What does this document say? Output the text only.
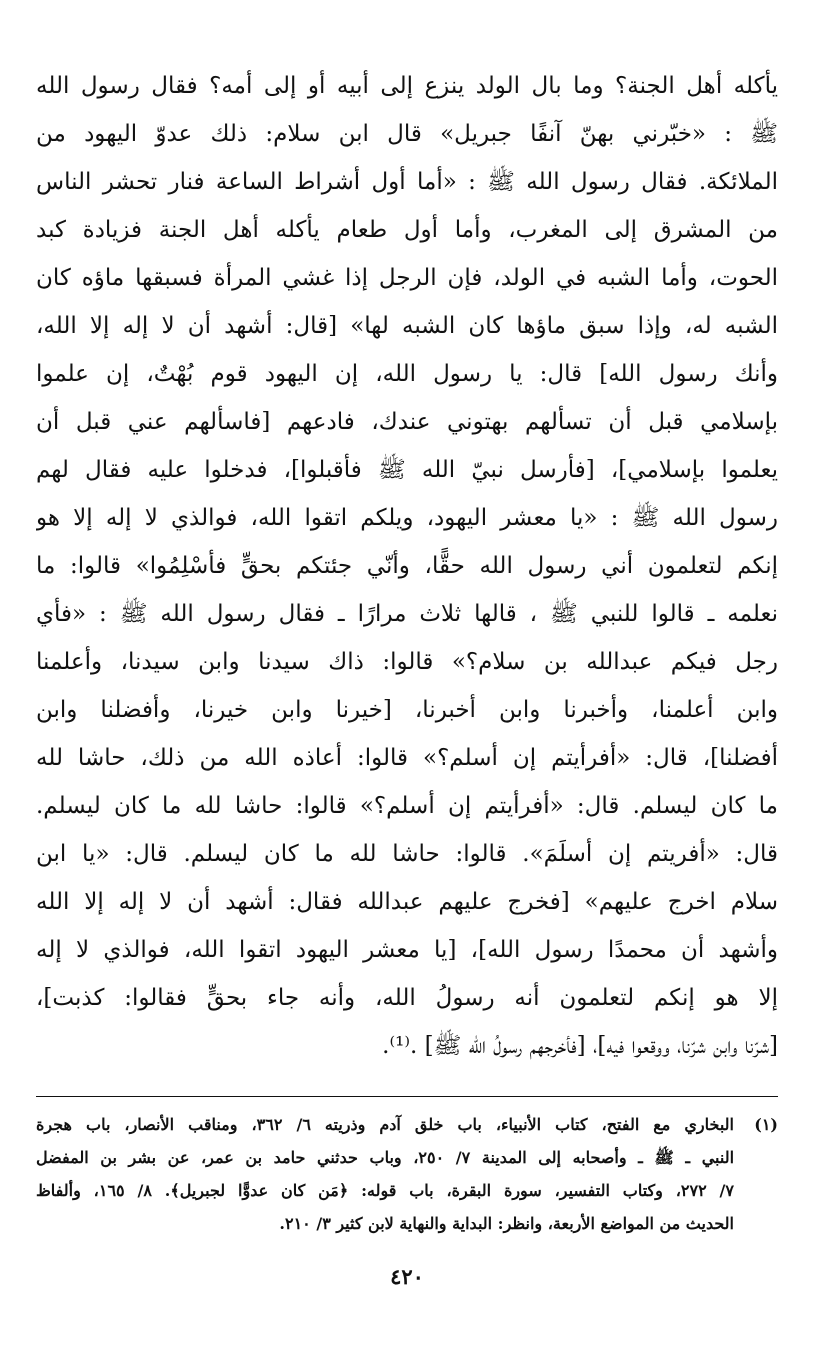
يأكله أهل الجنة؟ وما بال الولد ينزع إلى أبيه أو إلى أمه؟ فقال رسول الله
ﷺ : «خبّرني بهنّ آنفًا جبريل» قال ابن سلام: ذلك عدوّ اليهود من
الملائكة. فقال رسول الله ﷺ : «أما أول أشراط الساعة فنار تحشر الناس
من المشرق إلى المغرب، وأما أول طعام يأكله أهل الجنة فزيادة كبد
الحوت، وأما الشبه في الولد، فإن الرجل إذا غشي المرأة فسبقها ماؤه كان
الشبه له، وإذا سبق ماؤها كان الشبه لها» [قال: أشهد أن لا إله إلا الله،
وأنك رسول الله] قال: يا رسول الله، إن اليهود قوم بُهْتٌ، إن علموا
بإسلامي قبل أن تسألهم بهتوني عندك، فادعهم [فاسألهم عني قبل أن
يعلموا بإسلامي]، [فأرسل نبيّ الله ﷺ فأقبلوا]، فدخلوا عليه فقال لهم
رسول الله ﷺ : «يا معشر اليهود، ويلكم اتقوا الله، فوالذي لا إله إلا هو
إنكم لتعلمون أني رسول الله حقًّا، وأنّي جئتكم بحقٍّ فأسْلِمُوا» قالوا: ما
نعلمه ـ قالوا للنبي ﷺ ، قالها ثلاث مرارًا ـ فقال رسول الله ﷺ : «فأي
رجل فيكم عبدالله بن سلام؟» قالوا: ذاك سيدنا وابن سيدنا، وأعلمنا
وابن أعلمنا، وأخبرنا وابن أخبرنا، [خيرنا وابن خيرنا، وأفضلنا وابن
أفضلنا]، قال: «أفرأيتم إن أسلم؟» قالوا: أعاذه الله من ذلك، حاشا لله
ما كان ليسلم. قال: «أفرأيتم إن أسلم؟» قالوا: حاشا لله ما كان ليسلم.
قال: «أفريتم إن أسلَمَ». قالوا: حاشا لله ما كان ليسلم. قال: «يا ابن
سلام اخرج عليهم» [فخرج عليهم عبدالله فقال: أشهد أن لا إله إلا الله
وأشهد أن محمدًا رسول الله]، [يا معشر اليهود اتقوا الله، فوالذي لا إله
إلا هو إنكم لتعلمون أنه رسولُ الله، وأنه جاء بحقٍّ فقالوا: كذبت]،
[شرّنا وابن شرّنا، ووقعوا فيه]، [فأخرجهم رسولُ الله ﷺ] .⁽¹⁾.
(١)
البخاري مع الفتح، كتاب الأنبياء، باب خلق آدم وذريته ٦/ ٣٦٢، ومناقب الأنصار، باب هجرة
النبي ـ ﷺ ـ وأصحابه إلى المدينة ٧/ ٢٥٠، وباب حدثني حامد بن عمر، عن بشر بن المفضل
٧/ ٢٧٢، وكتاب التفسير، سورة البقرة، باب قوله: ﴿مَن كان عدوًّا لجبريل﴾. ٨/ ١٦٥، وألفاظ
الحديث من المواضع الأربعة، وانظر: البداية والنهاية لابن كثير ٣/ ٢١٠.
٤٢٠
